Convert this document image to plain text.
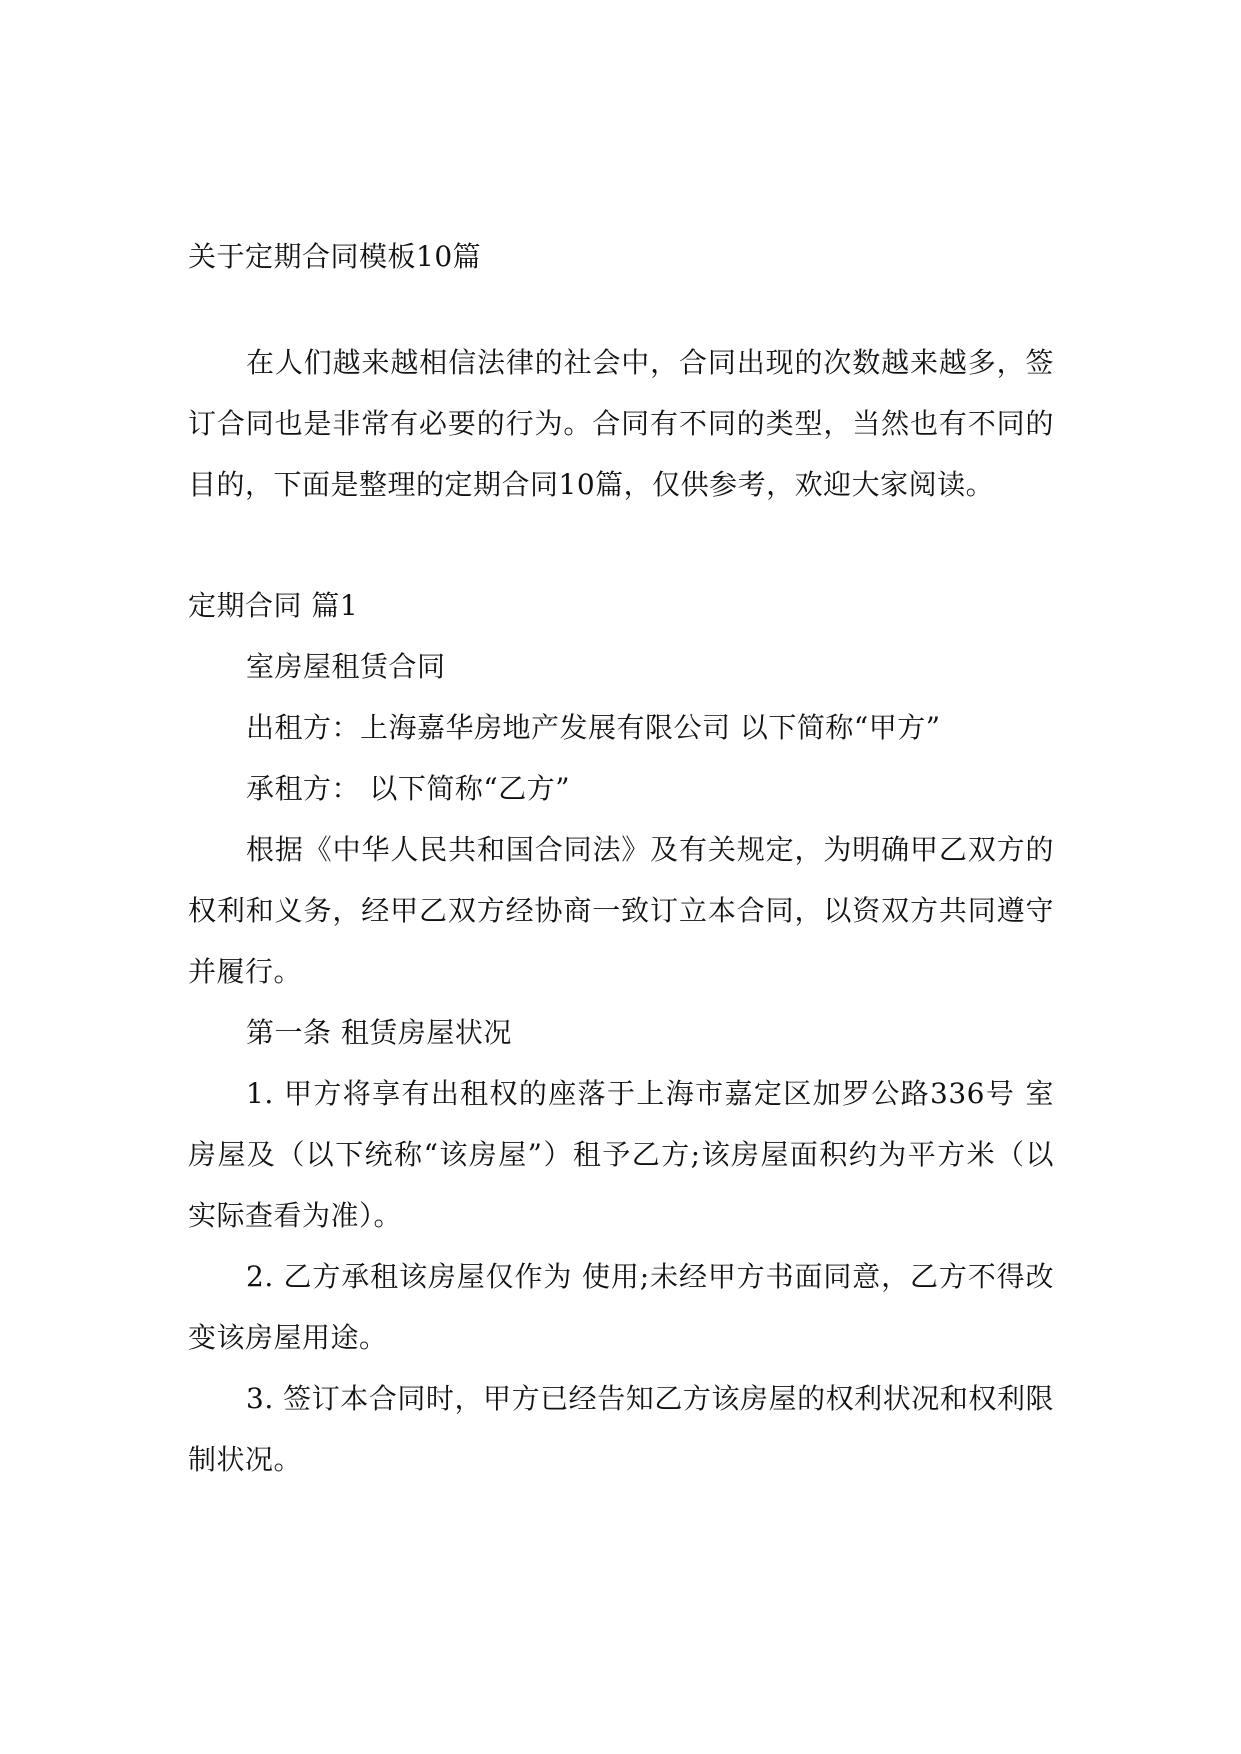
关于定期合同模板10篇

在人们越来越相信法律的社会中，合同出现的次数越来越多，签订合同也是非常有必要的行为。合同有不同的类型，当然也有不同的目的，下面是整理的定期合同10篇，仅供参考，欢迎大家阅读。

定期合同 篇1

室房屋租赁合同

出租方：上海嘉华房地产发展有限公司 以下简称“甲方”

承租方： 以下简称“乙方”

根据《中华人民共和国合同法》及有关规定，为明确甲乙双方的权利和义务，经甲乙双方经协商一致订立本合同，以资双方共同遵守并履行。

第一条 租赁房屋状况

1. 甲方将享有出租权的座落于上海市嘉定区加罗公路336号 室房屋及（以下统称“该房屋”）租予乙方;该房屋面积约为平方米（以实际查看为准）。

2. 乙方承租该房屋仅作为 使用;未经甲方书面同意，乙方不得改变该房屋用途。

3. 签订本合同时，甲方已经告知乙方该房屋的权利状况和权利限制状况。
